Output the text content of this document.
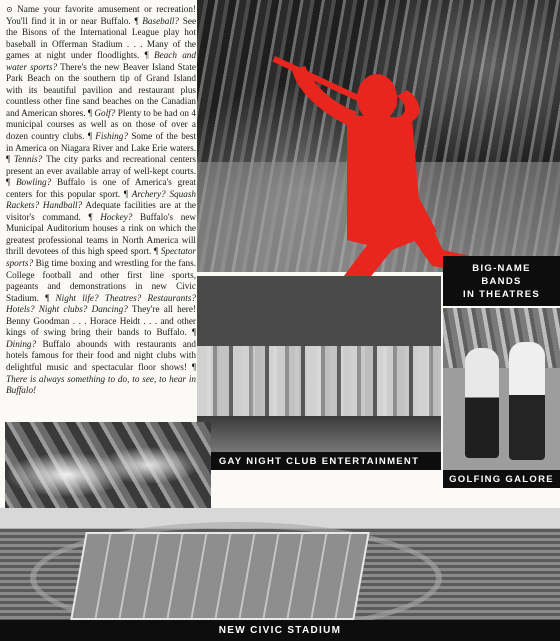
⊙ Name your favorite amusement or recreation! You'll find it in or near Buffalo. ¶ Baseball? See the Bisons of the International League play hot baseball in Offerman Stadium . . . Many of the games at night under floodlights. ¶ Beach and water sports? There's the new Beaver Island State Park Beach on the southern tip of Grand Island with its beautiful pavilion and restaurant plus countless other fine sand beaches on the Canadian and American shores. ¶ Golf? Plenty to be had on 4 municipal courses as well as on those of over a dozen country clubs. ¶ Fishing? Some of the best in America on Niagara River and Lake Erie waters. ¶ Tennis? The city parks and recreational centers present an ever available array of well-kept courts. ¶ Bowling? Buffalo is one of America's great centers for this popular sport. ¶ Archery? Squash Rackets? Handball? Adequate facilities are at the visitor's command. ¶ Hockey? Buffalo's new Municipal Auditorium houses a rink on which the greatest professional teams in North America will thrill devotees of this high speed sport. ¶ Spectator sports? Big time boxing and wrestling for the fans. College football and other first line sports, pageants and demonstrations in new Civic Stadium. ¶ Night life? Theatres? Restaurants? Hotels? Night clubs? Dancing? They're all here! Benny Goodman . . . Horace Heidt . . . and other kings of swing bring their bands to Buffalo. ¶ Dining? Buffalo abounds with restaurants and hotels famous for their food and night clubs with delightful music and spectacular floor shows! ¶ There is always something to do, to see, to hear in Buffalo!

BIG-NAME
BANDS
IN THEATRES
GAY NIGHT CLUB ENTERTAINMENT
GOLFING GALORE
NEW CIVIC STADIUM
